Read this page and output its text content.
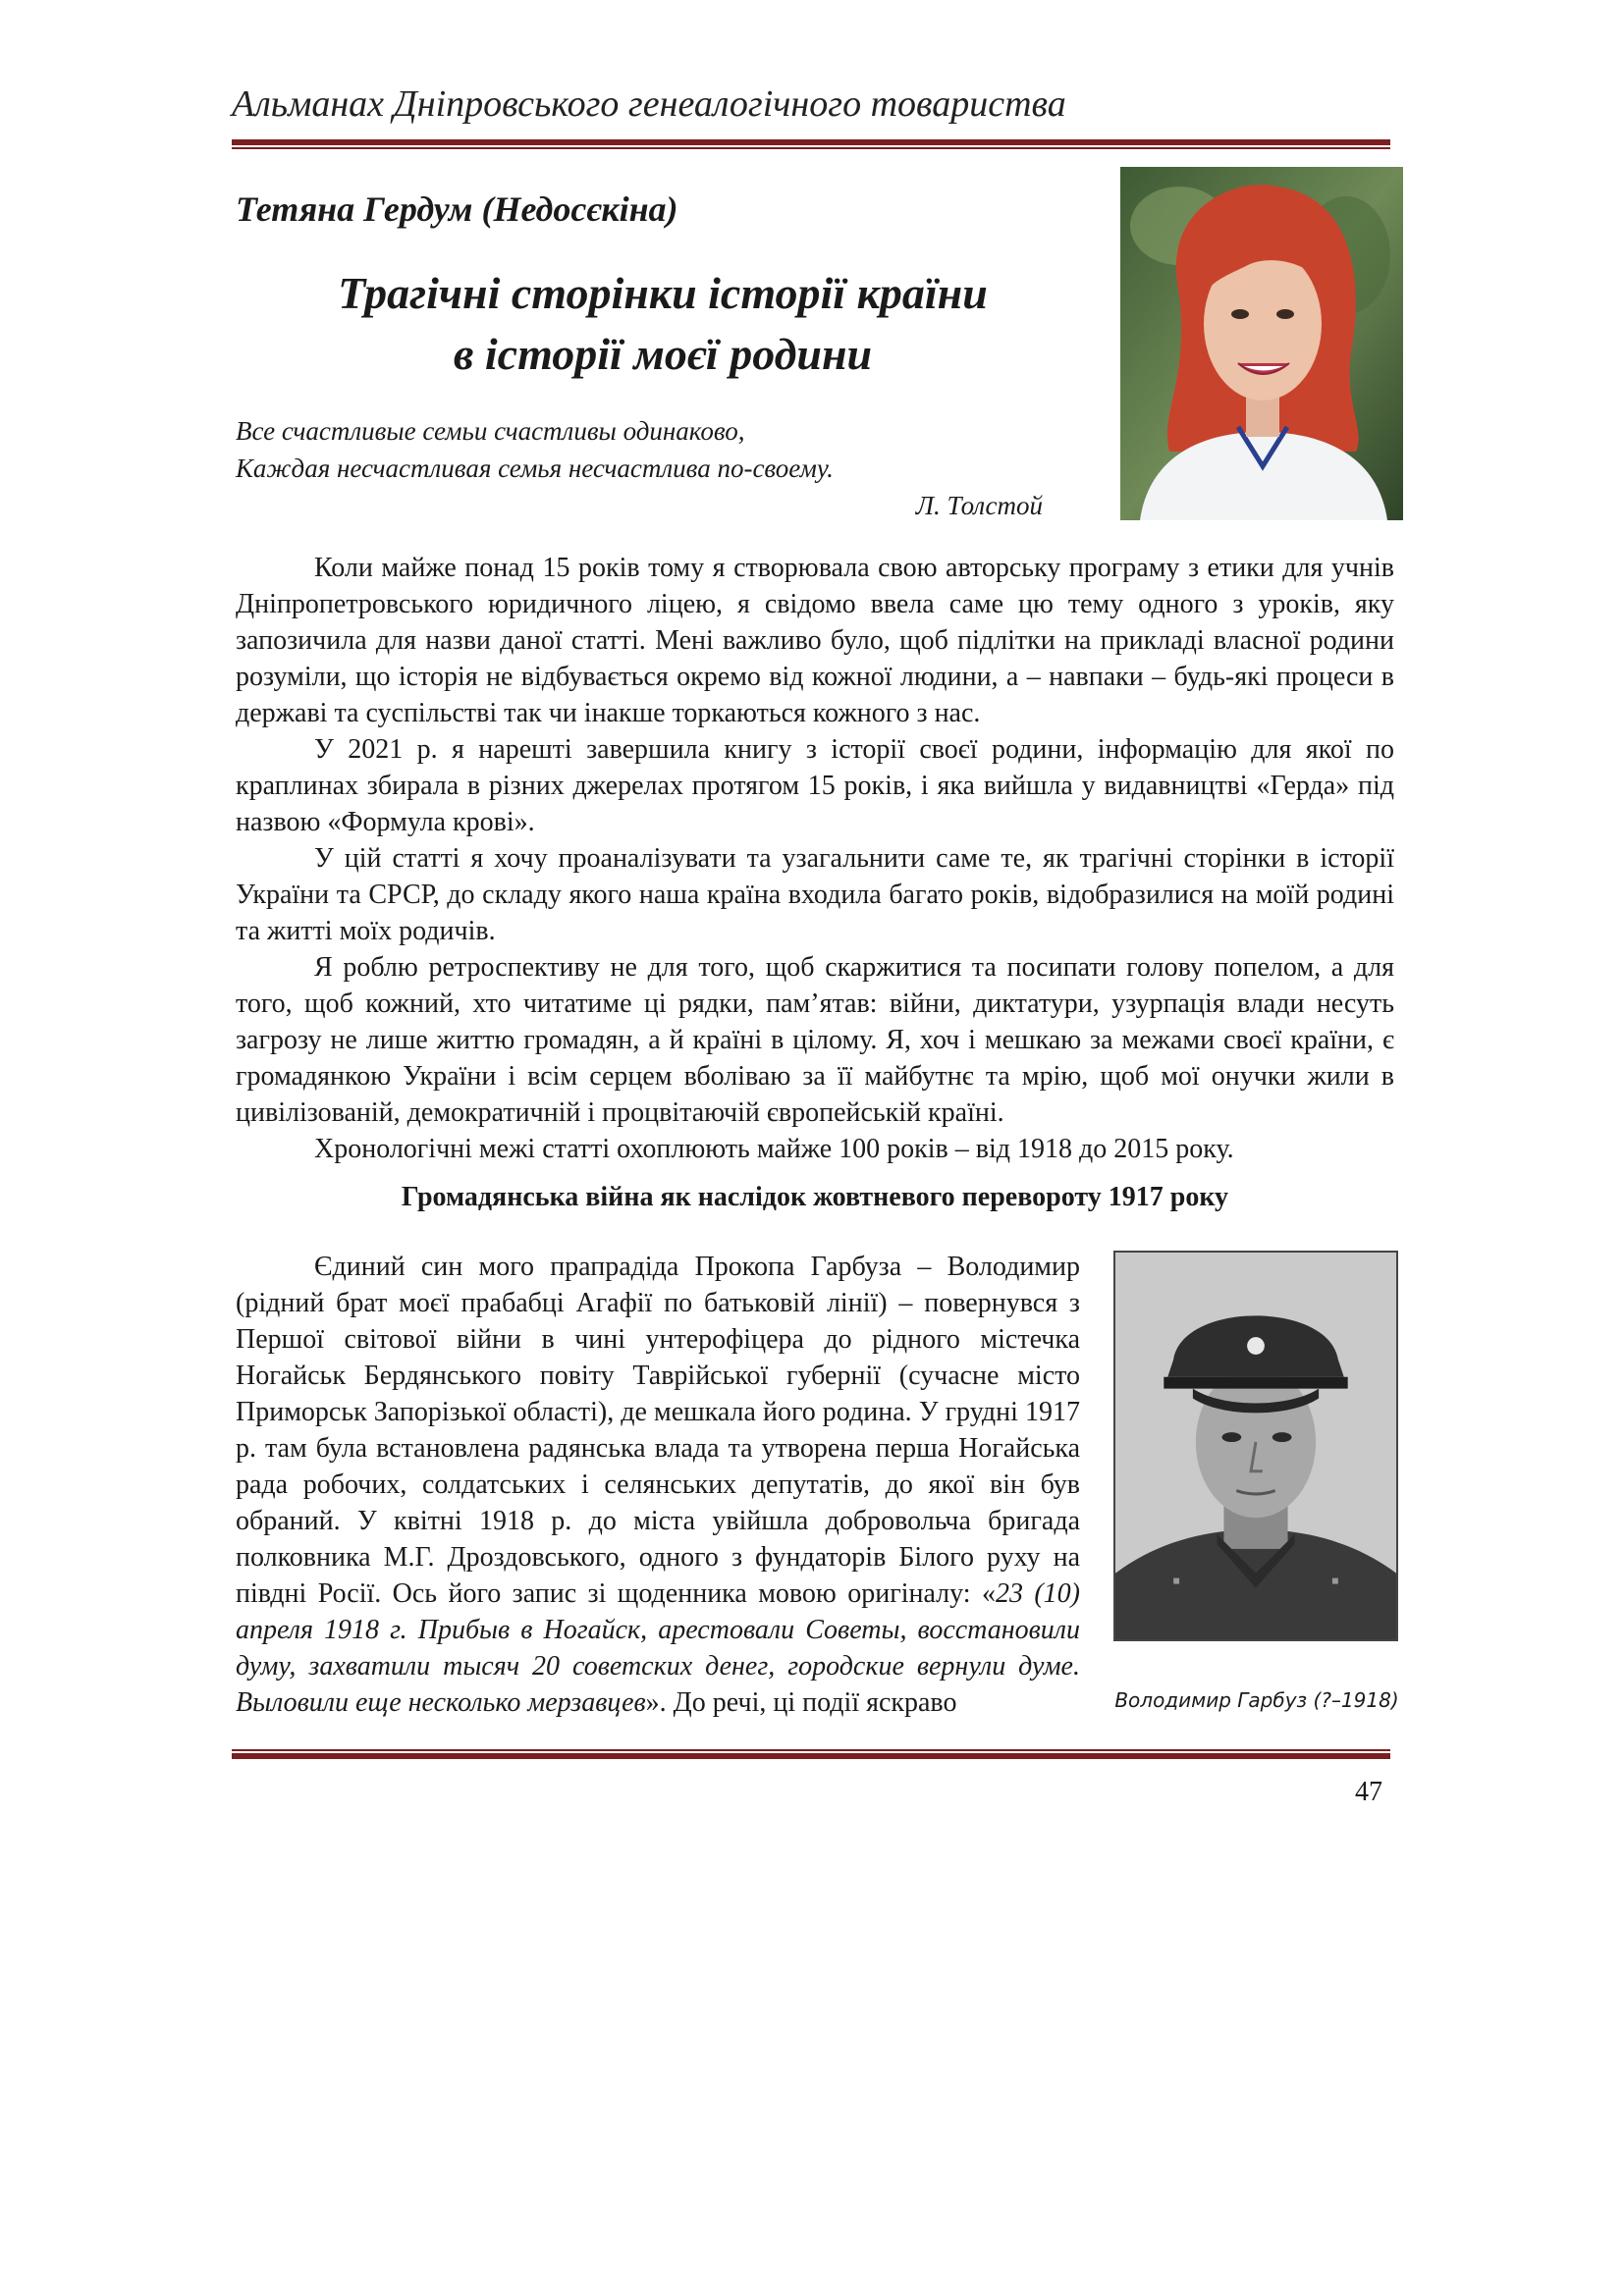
Альманах Дніпровського генеалогічного товариства
Тетяна Гердум (Недосєкіна)
Трагічні сторінки історії країни
в історії моєї родини
Все счастливые семьи счастливы одинаково,
Каждая несчастливая семья несчастлива по-своему.
Л. Толстой

Коли майже понад 15 років тому я створювала свою авторську програму з етики для учнів Дніпропетровського юридичного ліцею, я свідомо ввела саме цю тему одного з уроків, яку запозичила для назви даної статті. Мені важливо було, щоб підлітки на прикладі власної родини розуміли, що історія не відбувається окремо від кожної людини, а – навпаки – будь-які процеси в державі та суспільстві так чи інакше торкаються кожного з нас.

У 2021 р. я нарешті завершила книгу з історії своєї родини, інформацію для якої по краплинах збирала в різних джерелах протягом 15 років, і яка вийшла у видавництві «Герда» під назвою «Формула крові».

У цій статті я хочу проаналізувати та узагальнити саме те, як трагічні сторінки в історії України та СРСР, до складу якого наша країна входила багато років, відобразилися на моїй родині та житті моїх родичів.

Я роблю ретроспективу не для того, щоб скаржитися та посипати голову попелом, а для того, щоб кожний, хто читатиме ці рядки, пам’ятав: війни, диктатури, узурпація влади несуть загрозу не лише життю громадян, а й країні в цілому. Я, хоч і мешкаю за межами своєї країни, є громадянкою України і всім серцем вболіваю за її майбутнє та мрію, щоб мої онучки жили в цивілізованій, демократичній і процвітаючій європейській країні.

Хронологічні межі статті охоплюють майже 100 років – від 1918 до 2015 року.

Громадянська війна як наслідок жовтневого перевороту 1917 року

Єдиний син мого прапрадіда Прокопа Гарбуза – Володимир (рідний брат моєї прабабці Агафії по батьковій лінії) – повернувся з Першої світової війни в чині унтерофіцера до рідного містечка Ногайськ Бердянського повіту Таврійської губернії (сучасне місто Приморськ Запорізької області), де мешкала його родина. У грудні 1917 р. там була встановлена радянська влада та утворена перша Ногайська рада робочих, солдатських і селянських депутатів, до якої він був обраний. У квітні 1918 р. до міста увійшла добровольча бригада полковника М.Г. Дроздовського, одного з фундаторів Білого руху на півдні Росії. Ось його запис зі щоденника мовою оригіналу: «23 (10) апреля 1918 г. Прибыв в Ногайск, арестовали Советы, восстановили думу, захватили тысяч 20 советских денег, городские вернули думе. Выловили еще несколько мерзавцев». До речі, ці події яскраво	Володимир Гарбуз (?–1918)
47
